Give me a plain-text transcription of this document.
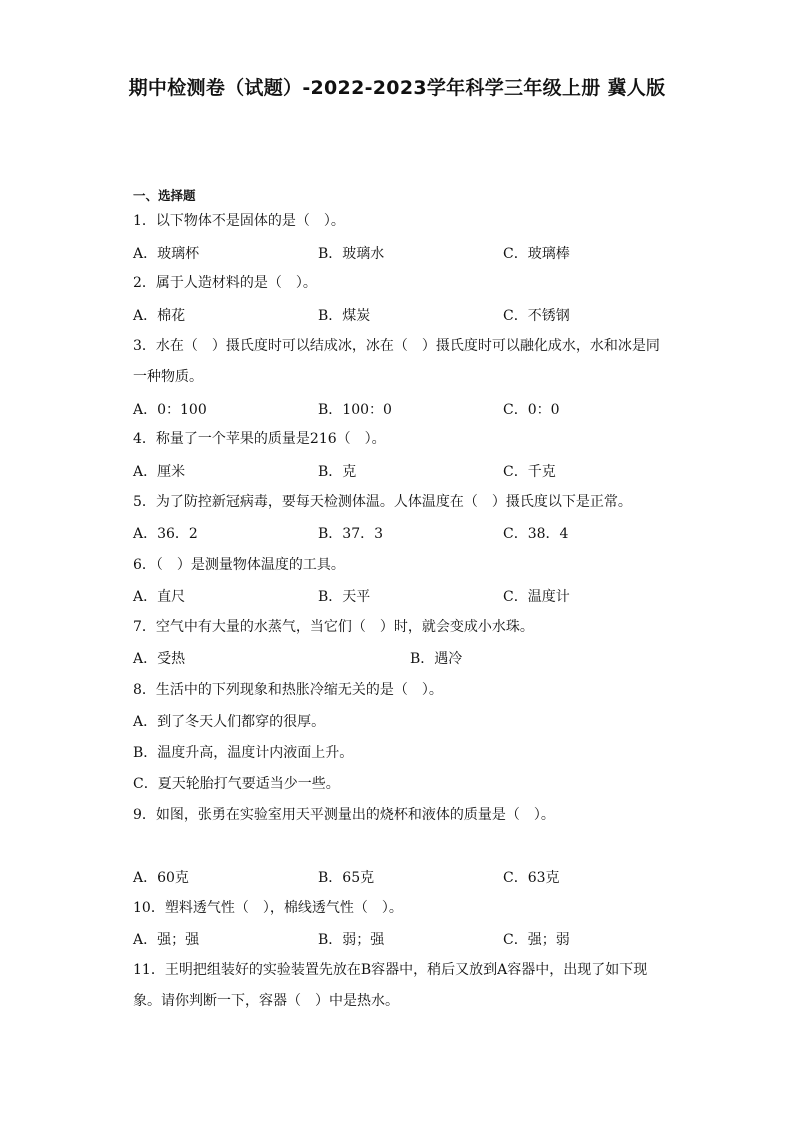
期中检测卷（试题）-2022-2023学年科学三年级上册 冀人版
一、选择题
1．以下物体不是固体的是（　）。
A．玻璃杯	B．玻璃水	C．玻璃棒
2．属于人造材料的是（　）。
A．棉花	B．煤炭	C．不锈钢
3．水在（　）摄氏度时可以结成冰，冰在（　）摄氏度时可以融化成水，水和冰是同一种物质。
A．0：100	B．100：0	C．0：0
4．称量了一个苹果的质量是216（　）。
A．厘米	B．克	C．千克
5．为了防控新冠病毒，要每天检测体温。人体温度在（　）摄氏度以下是正常。
A．36．2	B．37．3	C．38．4
6．（　）是测量物体温度的工具。
A．直尺	B．天平	C．温度计
7．空气中有大量的水蒸气，当它们（　）时，就会变成小水珠。
A．受热	B．遇冷
8．生活中的下列现象和热胀冷缩无关的是（　）。
A．到了冬天人们都穿的很厚。
B．温度升高，温度计内液面上升。
C．夏天轮胎打气要适当少一些。
9．如图，张勇在实验室用天平测量出的烧杯和液体的质量是（　）。
A．60克	B．65克	C．63克
10．塑料透气性（　），棉线透气性（　）。
A．强；强	B．弱；强	C．强；弱
11．王明把组装好的实验装置先放在B容器中，稍后又放到A容器中，出现了如下现象。请你判断一下，容器（　）中是热水。
